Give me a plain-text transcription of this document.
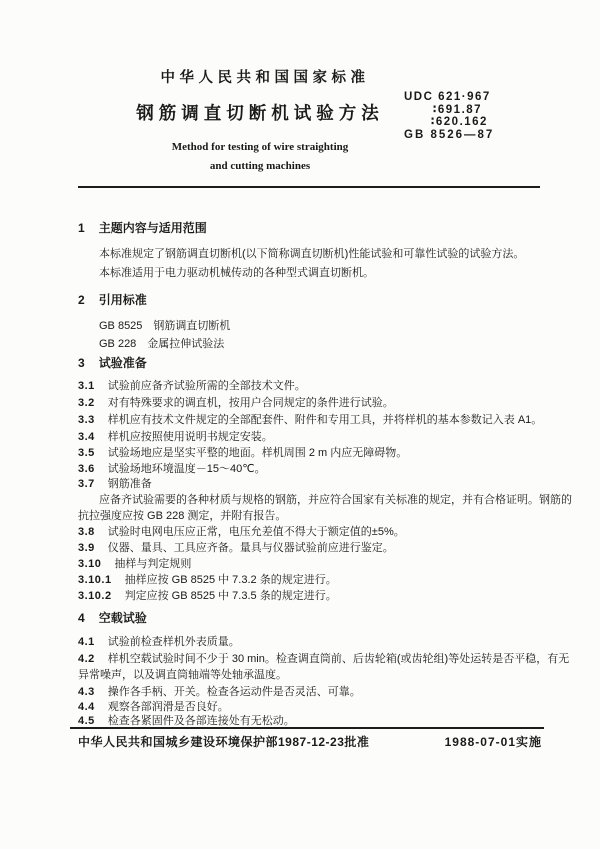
中华人民共和国国家标准
钢筋调直切断机试验方法
Method for testing of wire straighting
and cutting machines
UDC 621·967
∶691.87
∶620.162
GB 8526—87
1 主题内容与适用范围
本标准规定了钢筋调直切断机(以下简称调直切断机)性能试验和可靠性试验的试验方法。
本标准适用于电力驱动机械传动的各种型式调直切断机。
2 引用标准
GB 8525　钢筋调直切断机
GB 228　金属拉伸试验法
3 试验准备
3.1 试验前应备齐试验所需的全部技术文件。
3.2 对有特殊要求的调直机，按用户合同规定的条件进行试验。
3.3 样机应有技术文件规定的全部配套件、附件和专用工具，并将样机的基本参数记入表 A1。
3.4 样机应按照使用说明书规定安装。
3.5 试验场地应是坚实平整的地面。样机周围 2 m 内应无障碍物。
3.6 试验场地环境温度－15～40℃。
3.7 钢筋准备
应备齐试验需要的各种材质与规格的钢筋，并应符合国家有关标准的规定，并有合格证明。钢筋的
抗拉强度应按 GB 228 测定，并附有报告。
3.8 试验时电网电压应正常，电压允差值不得大于额定值的±5%。
3.9 仪器、量具、工具应齐备。量具与仪器试验前应进行鉴定。
3.10 抽样与判定规则
3.10.1 抽样应按 GB 8525 中 7.3.2 条的规定进行。
3.10.2 判定应按 GB 8525 中 7.3.5 条的规定进行。
4 空载试验
4.1 试验前检查样机外表质量。
4.2 样机空载试验时间不少于 30 min。检查调直筒前、后齿轮箱(或齿轮组)等处运转是否平稳，有无
异常噪声，以及调直筒轴端等处轴承温度。
4.3 操作各手柄、开关。检查各运动件是否灵活、可靠。
4.4 观察各部润滑是否良好。
4.5 检查各紧固件及各部连接处有无松动。
中华人民共和国城乡建设环境保护部1987-12-23批准	1988-07-01实施
